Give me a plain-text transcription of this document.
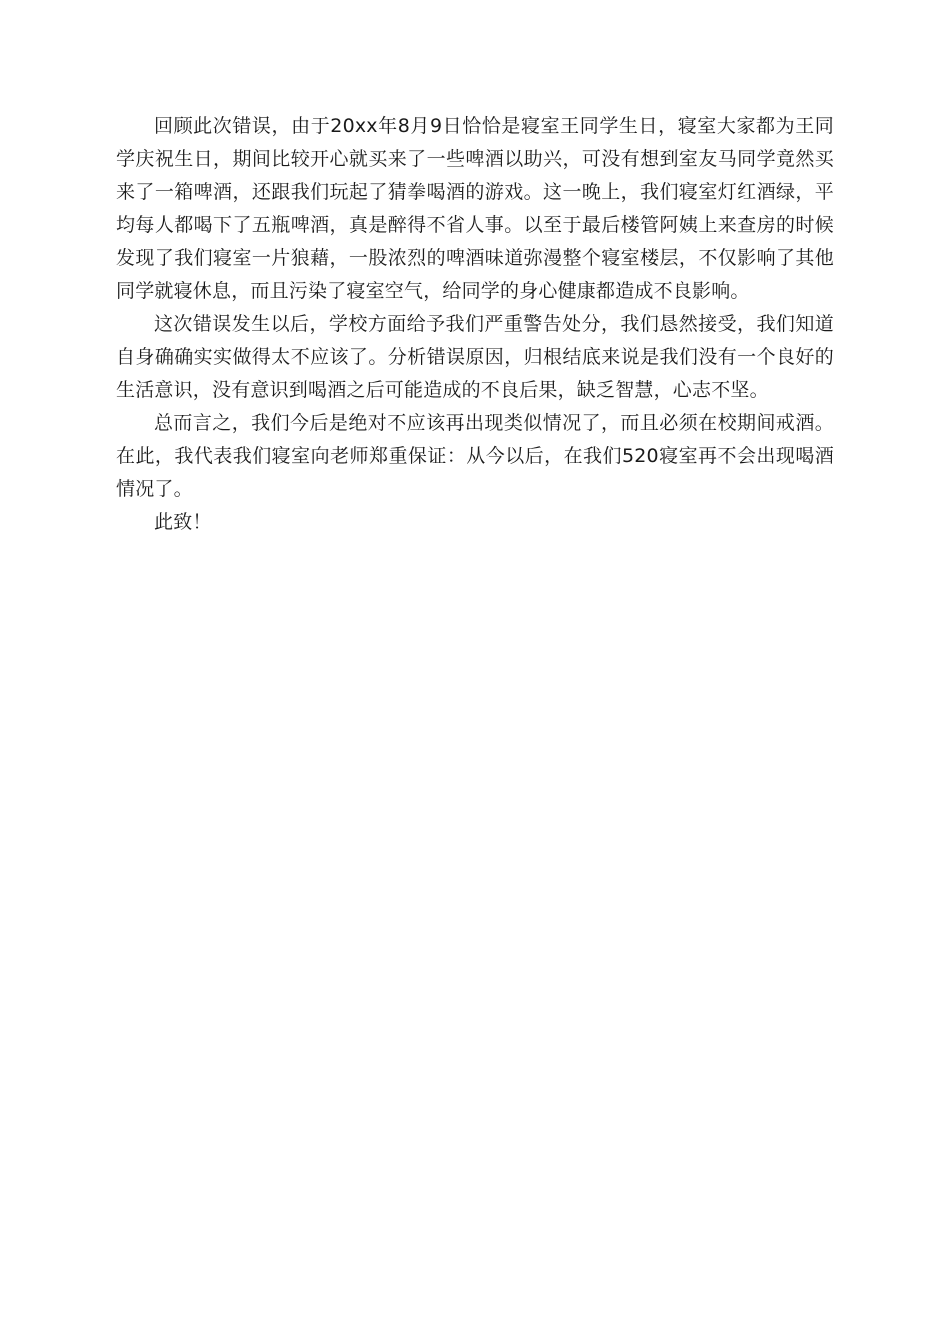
回顾此次错误，由于20xx年8月9日恰恰是寝室王同学生日，寝室大家都为王同学庆祝生日，期间比较开心就买来了一些啤酒以助兴，可没有想到室友马同学竟然买来了一箱啤酒，还跟我们玩起了猜拳喝酒的游戏。这一晚上，我们寝室灯红酒绿，平均每人都喝下了五瓶啤酒，真是醉得不省人事。以至于最后楼管阿姨上来查房的时候发现了我们寝室一片狼藉，一股浓烈的啤酒味道弥漫整个寝室楼层，不仅影响了其他同学就寝休息，而且污染了寝室空气，给同学的身心健康都造成不良影响。

这次错误发生以后，学校方面给予我们严重警告处分，我们恳然接受，我们知道自身确确实实做得太不应该了。分析错误原因，归根结底来说是我们没有一个良好的生活意识，没有意识到喝酒之后可能造成的不良后果，缺乏智慧，心志不坚。

总而言之，我们今后是绝对不应该再出现类似情况了，而且必须在校期间戒酒。在此，我代表我们寝室向老师郑重保证：从今以后，在我们520寝室再不会出现喝酒情况了。

此致！
